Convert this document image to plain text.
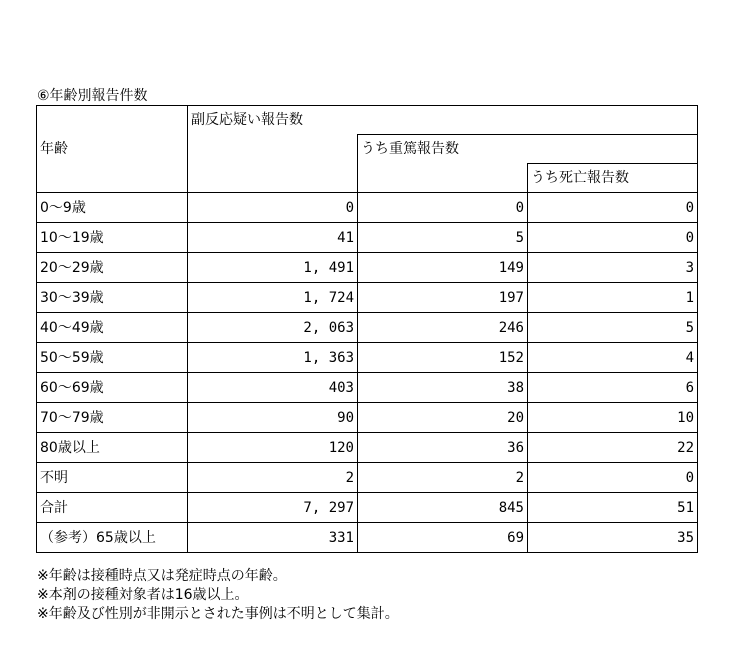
⑥年齢別報告件数
年齢	副反応疑い報告数		
		うち重篤報告数	
			うち死亡報告数
0～9歳	0	0	0
10～19歳	41	5	0
20～29歳	1, 491	149	3
30～39歳	1, 724	197	1
40～49歳	2, 063	246	5
50～59歳	1, 363	152	4
60～69歳	403	38	6
70～79歳	90	20	10
80歳以上	120	36	22
不明	2	2	0
合計	7, 297	845	51
（参考）65歳以上	331	69	35
※年齢は接種時点又は発症時点の年齢。
※本剤の接種対象者は16歳以上。
※年齢及び性別が非開示とされた事例は不明として集計。
